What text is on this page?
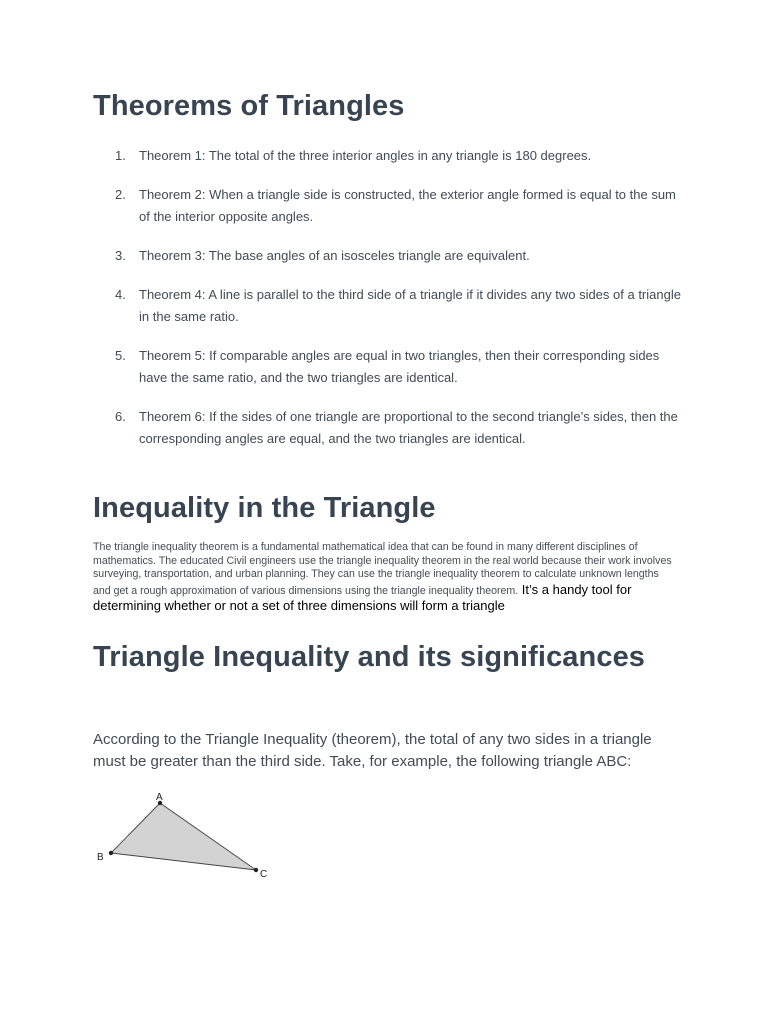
Theorems of Triangles
1. Theorem 1: The total of the three interior angles in any triangle is 180 degrees.
2. Theorem 2: When a triangle side is constructed, the exterior angle formed is equal to the sum of the interior opposite angles.
3. Theorem 3: The base angles of an isosceles triangle are equivalent.
4. Theorem 4: A line is parallel to the third side of a triangle if it divides any two sides of a triangle in the same ratio.
5. Theorem 5: If comparable angles are equal in two triangles, then their corresponding sides have the same ratio, and the two triangles are identical.
6. Theorem 6: If the sides of one triangle are proportional to the second triangle’s sides, then the corresponding angles are equal, and the two triangles are identical.
Inequality in the Triangle

The triangle inequality theorem is a fundamental mathematical idea that can be found in many different disciplines of mathematics. The educated Civil engineers use the triangle inequality theorem in the real world because their work involves surveying, transportation, and urban planning. They can use the triangle inequality theorem to calculate unknown lengths and get a rough approximation of various dimensions using the triangle inequality theorem. It’s a handy tool for determining whether or not a set of three dimensions will form a triangle

Triangle Inequality and its significances

According to the Triangle Inequality (theorem), the total of any two sides in a triangle must be greater than the third side. Take, for example, the following triangle ABC:

A
B
C
